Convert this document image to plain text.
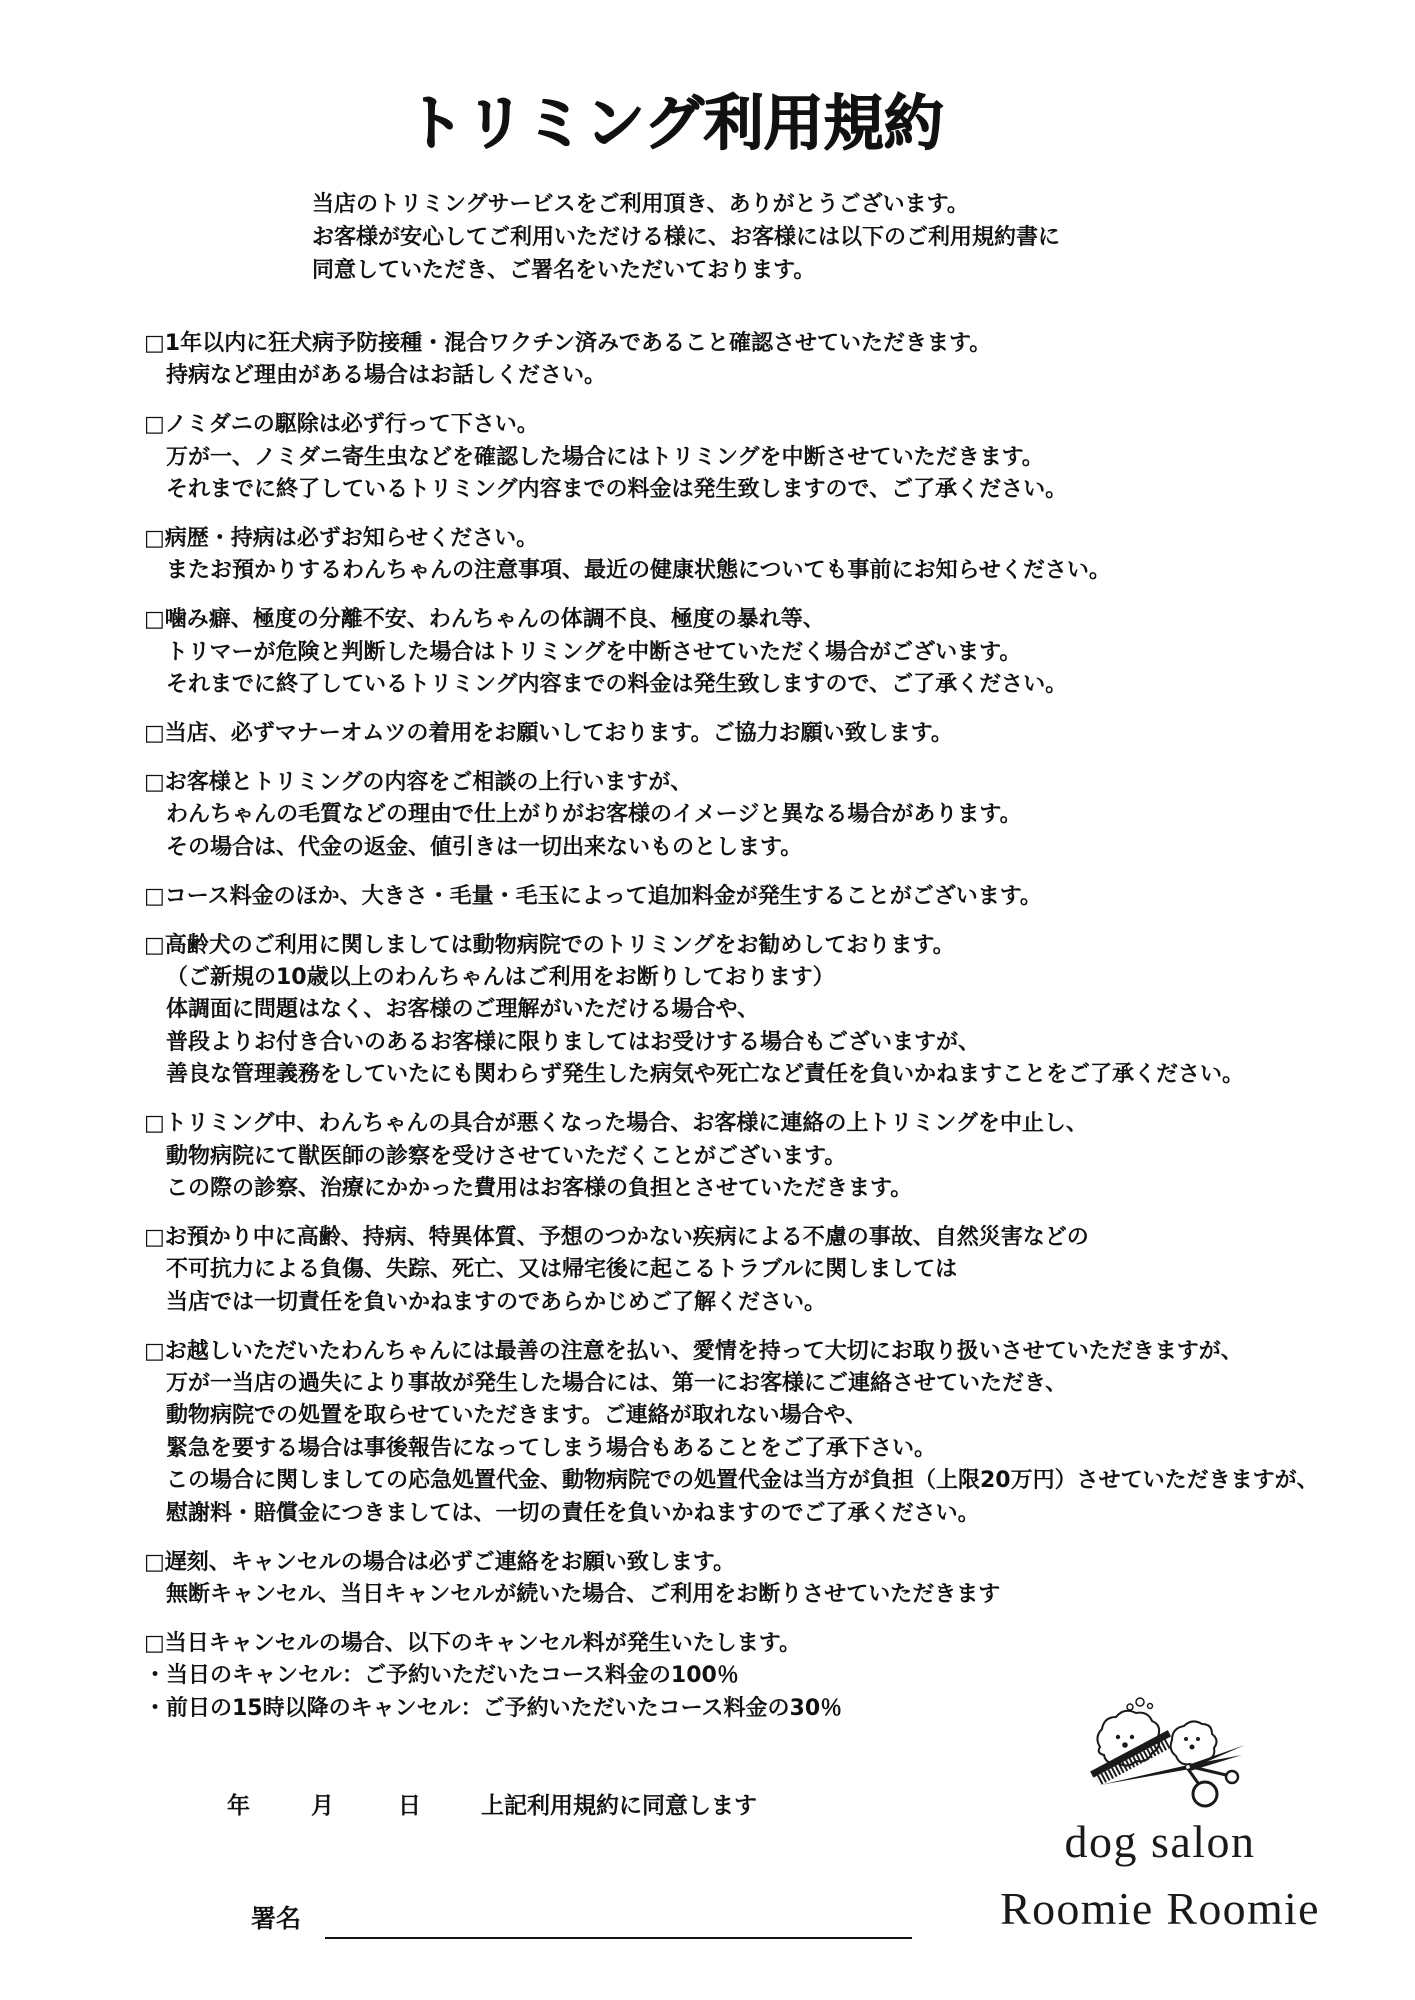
トリミング利用規約

当店のトリミングサービスをご利用頂き、ありがとうございます。

お客様が安心してご利用いただける様に、お客様には以下のご利用規約書に

同意していただき、ご署名をいただいております。

□1年以内に狂犬病予防接種・混合ワクチン済みであること確認させていただきます。

持病など理由がある場合はお話しください。

□ノミダニの駆除は必ず行って下さい。

万が一、ノミダニ寄生虫などを確認した場合にはトリミングを中断させていただきます。

それまでに終了しているトリミング内容までの料金は発生致しますので、ご了承ください。

□病歴・持病は必ずお知らせください。

またお預かりするわんちゃんの注意事項、最近の健康状態についても事前にお知らせください。

□噛み癖、極度の分離不安、わんちゃんの体調不良、極度の暴れ等、

トリマーが危険と判断した場合はトリミングを中断させていただく場合がございます。

それまでに終了しているトリミング内容までの料金は発生致しますので、ご了承ください。

□当店、必ずマナーオムツの着用をお願いしております。ご協力お願い致します。

□お客様とトリミングの内容をご相談の上行いますが、

わんちゃんの毛質などの理由で仕上がりがお客様のイメージと異なる場合があります。

その場合は、代金の返金、値引きは一切出来ないものとします。

□コース料金のほか、大きさ・毛量・毛玉によって追加料金が発生することがございます。

□高齢犬のご利用に関しましては動物病院でのトリミングをお勧めしております。

（ご新規の10歳以上のわんちゃんはご利用をお断りしております）

体調面に問題はなく、お客様のご理解がいただける場合や、

普段よりお付き合いのあるお客様に限りましてはお受けする場合もございますが、

善良な管理義務をしていたにも関わらず発生した病気や死亡など責任を負いかねますことをご了承ください。

□トリミング中、わんちゃんの具合が悪くなった場合、お客様に連絡の上トリミングを中止し、

動物病院にて獣医師の診察を受けさせていただくことがございます。

この際の診察、治療にかかった費用はお客様の負担とさせていただきます。

□お預かり中に高齢、持病、特異体質、予想のつかない疾病による不慮の事故、自然災害などの

不可抗力による負傷、失踪、死亡、又は帰宅後に起こるトラブルに関しましては

当店では一切責任を負いかねますのであらかじめご了解ください。

□お越しいただいたわんちゃんには最善の注意を払い、愛情を持って大切にお取り扱いさせていただきますが、

万が一当店の過失により事故が発生した場合には、第一にお客様にご連絡させていただき、

動物病院での処置を取らせていただきます。ご連絡が取れない場合や、

緊急を要する場合は事後報告になってしまう場合もあることをご了承下さい。

この場合に関しましての応急処置代金、動物病院での処置代金は当方が負担（上限20万円）させていただきますが、

慰謝料・賠償金につきましては、一切の責任を負いかねますのでご了承ください。

□遅刻、キャンセルの場合は必ずご連絡をお願い致します。

無断キャンセル、当日キャンセルが続いた場合、ご利用をお断りさせていただきます

□当日キャンセルの場合、以下のキャンセル料が発生いたします。

・当日のキャンセル：ご予約いただいたコース料金の100％

・前日の15時以降のキャンセル：ご予約いただいたコース料金の30％

年	月	日	上記利用規約に同意します
署名
dog salon
Roomie Roomie
